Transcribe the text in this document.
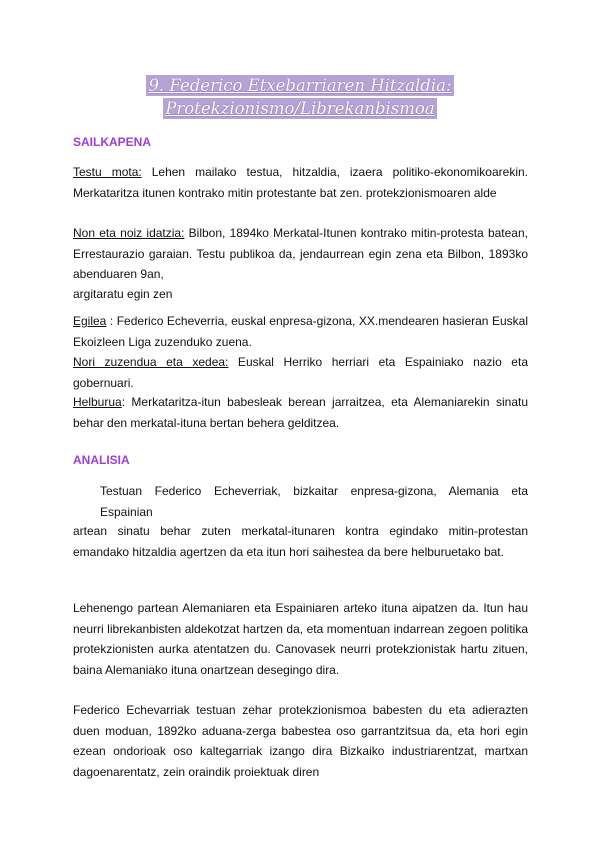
9. Federico Etxebarriaren Hitzaldia:
Protekzionismo/Librekanbismoa
SAILKAPENA

Testu mota: Lehen mailako testua, hitzaldia, izaera politiko-ekonomikoarekin. Merkataritza itunen kontrako mitin protestante bat zen. protekzionismoaren alde

Non eta noiz idatzia: Bilbon, 1894ko Merkatal-Itunen kontrako mitin-protesta batean, Errestaurazio garaian. Testu publikoa da, jendaurrean egin zena eta Bilbon, 1893ko abenduaren 9an,

argitaratu egin zen

Egilea : Federico Echeverria, euskal enpresa-gizona, XX.mendearen hasieran Euskal Ekoizleen Liga zuzenduko zuena.

Nori zuzendua eta xedea: Euskal Herriko herriari eta Espainiako nazio eta gobernuari.

Helburua: Merkataritza-itun babesleak berean jarraitzea, eta Alemaniarekin sinatu behar den merkatal-ituna bertan behera gelditzea.

ANALISIA
Testuan Federico Echeverriak, bizkaitar enpresa-gizona, Alemania eta Espainian

artean sinatu behar zuten merkatal-itunaren kontra egindako mitin-protestan emandako hitzaldia agertzen da eta itun hori saihestea da bere helburuetako bat.

Lehenengo partean Alemaniaren eta Espainiaren arteko ituna aipatzen da. Itun hau neurri librekanbisten aldekotzat hartzen da, eta momentuan indarrean zegoen politika protekzionisten aurka atentatzen du. Canovasek neurri protekzionistak hartu zituen, baina Alemaniako ituna onartzean desegingo dira.

Federico Echevarriak testuan zehar protekzionismoa babesten du eta adierazten duen moduan, 1892ko aduana-zerga babestea oso garrantzitsua da, eta hori egin ezean ondorioak oso kaltegarriak izango dira Bizkaiko industriarentzat, martxan dagoenarentatz, zein oraindik proiektuak diren
